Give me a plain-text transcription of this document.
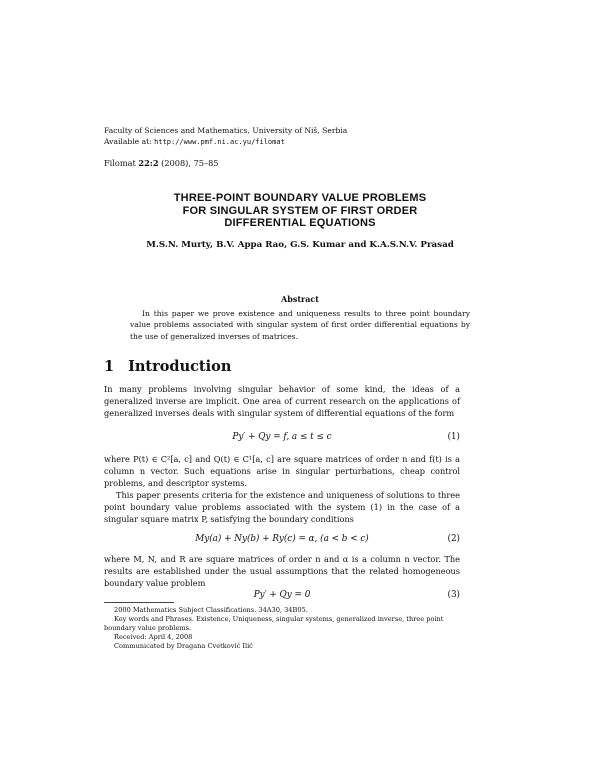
Faculty of Sciences and Mathematics, University of Niš, Serbia
Available at: http://www.pmf.ni.ac.yu/filomat
Filomat 22:2 (2008), 75–85
THREE-POINT BOUNDARY VALUE PROBLEMS
FOR SINGULAR SYSTEM OF FIRST ORDER
DIFFERENTIAL EQUATIONS
M.S.N. Murty, B.V. Appa Rao, G.S. Kumar and K.A.S.N.V. Prasad
Abstract
In this paper we prove existence and uniqueness results to three point boundary value problems associated with singular system of first order differential equations by the use of generalized inverses of matrices.
1 Introduction
In many problems involving singular behavior of some kind, the ideas of a generalized inverse are implicit. One area of current research on the applications of generalized inverses deals with singular system of differential equations of the form
Py′ + Qy = f, a ≤ t ≤ c	(1)
where P(t) ∈ C²[a, c] and Q(t) ∈ C¹[a, c] are square matrices of order n and f(t) is a column n vector. Such equations arise in singular perturbations, cheap control problems, and descriptor systems.
This paper presents criteria for the existence and uniqueness of solutions to three point boundary value problems associated with the system (1) in the case of a singular square matrix P, satisfying the boundary conditions
My(a) + Ny(b) + Ry(c) = α, (a < b < c)	(2)
where M, N, and R are square matrices of order n and α is a column n vector. The results are established under the usual assumptions that the related homogeneous boundary value problem
Py′ + Qy = 0	(3)

2000 Mathematics Subject Classifications. 34A30, 34B05.

Key words and Phrases. Existence, Uniqueness, singular systems, generalized inverse, three point boundary value problems.

Received: April 4, 2008

Communicated by Dragana Cvetković Ilić
